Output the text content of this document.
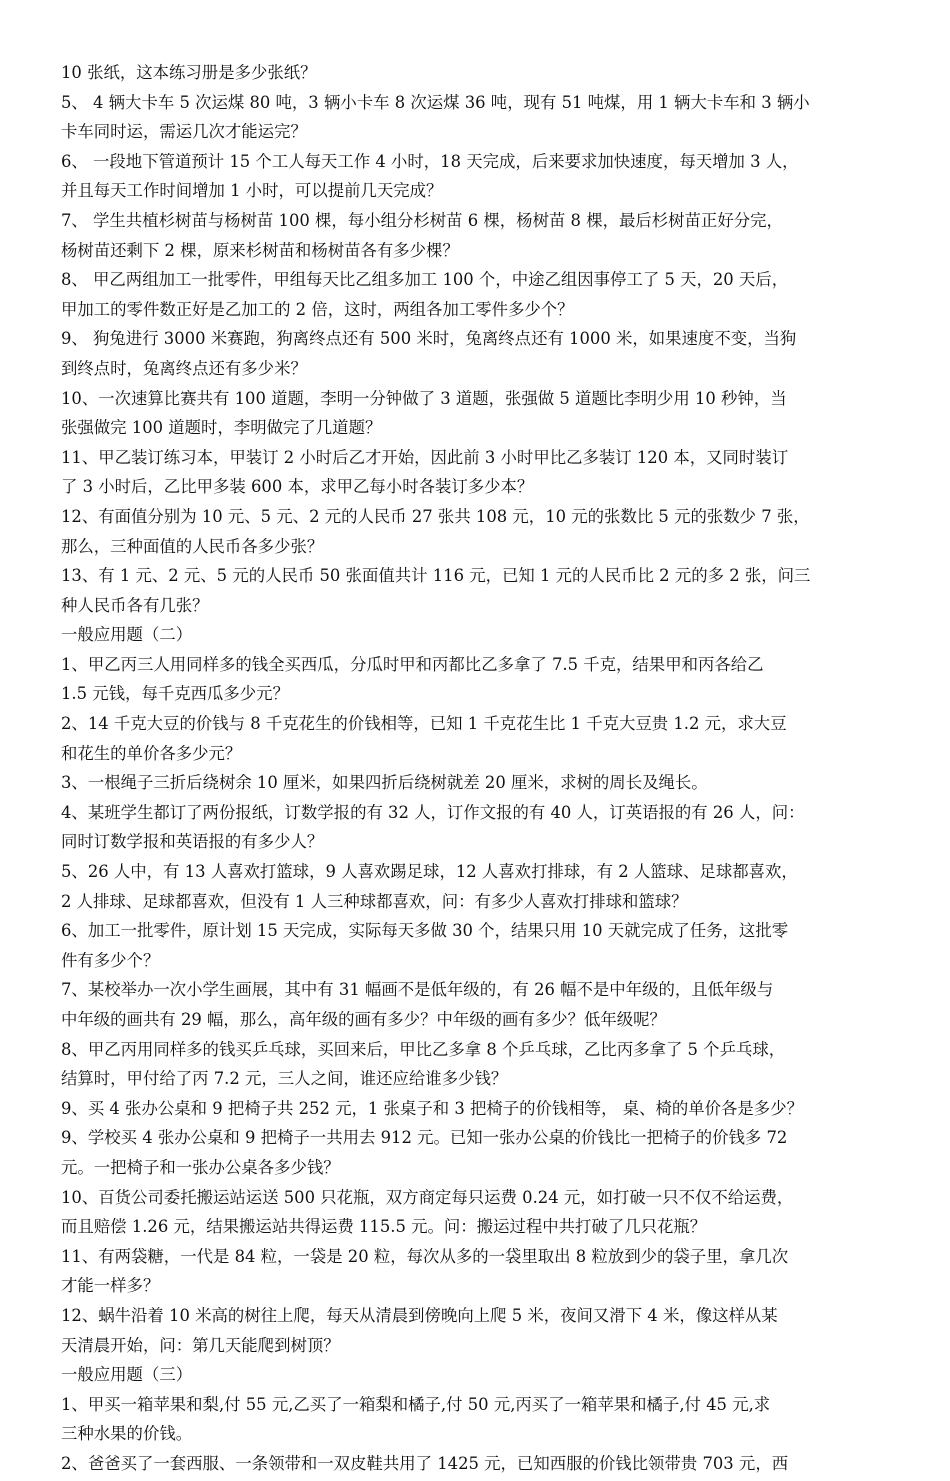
10 张纸，这本练习册是多少张纸？
5、 4 辆大卡车 5 次运煤 80 吨，3 辆小卡车 8 次运煤 36 吨，现有 51 吨煤，用 1 辆大卡车和 3 辆小
卡车同时运，需运几次才能运完？
6、 一段地下管道预计 15 个工人每天工作 4 小时，18 天完成，后来要求加快速度，每天增加 3 人，
并且每天工作时间增加 1 小时，可以提前几天完成？
7、 学生共植杉树苗与杨树苗 100 棵，每小组分杉树苗 6 棵，杨树苗 8 棵，最后杉树苗正好分完，
杨树苗还剩下 2 棵，原来杉树苗和杨树苗各有多少棵？
8、 甲乙两组加工一批零件，甲组每天比乙组多加工 100 个，中途乙组因事停工了 5 天，20 天后，
甲加工的零件数正好是乙加工的 2 倍，这时，两组各加工零件多少个？
9、 狗兔进行 3000 米赛跑，狗离终点还有 500 米时，兔离终点还有 1000 米，如果速度不变，当狗
到终点时，兔离终点还有多少米？
10、一次速算比赛共有 100 道题，李明一分钟做了 3 道题，张强做 5 道题比李明少用 10 秒钟，当
张强做完 100 道题时，李明做完了几道题？
11、甲乙装订练习本，甲装订 2 小时后乙才开始，因此前 3 小时甲比乙多装订 120 本，又同时装订
了 3 小时后，乙比甲多装 600 本，求甲乙每小时各装订多少本？
12、有面值分别为 10 元、5 元、2 元的人民币 27 张共 108 元，10 元的张数比 5 元的张数少 7 张，
那么，三种面值的人民币各多少张？
13、有 1 元、2 元、5 元的人民币 50 张面值共计 116 元，已知 1 元的人民币比 2 元的多 2 张，问三
种人民币各有几张？
一般应用题（二）
1、甲乙丙三人用同样多的钱全买西瓜，分瓜时甲和丙都比乙多拿了 7.5 千克，结果甲和丙各给乙
1.5 元钱，每千克西瓜多少元？
2、14 千克大豆的价钱与 8 千克花生的价钱相等，已知 1 千克花生比 1 千克大豆贵 1.2 元，求大豆
和花生的单价各多少元？
3、一根绳子三折后绕树余 10 厘米，如果四折后绕树就差 20 厘米，求树的周长及绳长。
4、某班学生都订了两份报纸，订数学报的有 32 人，订作文报的有 40 人，订英语报的有 26 人，问：
同时订数学报和英语报的有多少人？
5、26 人中，有 13 人喜欢打篮球，9 人喜欢踢足球，12 人喜欢打排球，有 2 人篮球、足球都喜欢，
2 人排球、足球都喜欢，但没有 1 人三种球都喜欢，问：有多少人喜欢打排球和篮球？
6、加工一批零件，原计划 15 天完成，实际每天多做 30 个，结果只用 10 天就完成了任务，这批零
件有多少个？
7、某校举办一次小学生画展，其中有 31 幅画不是低年级的，有 26 幅不是中年级的，且低年级与
中年级的画共有 29 幅，那么，高年级的画有多少？中年级的画有多少？低年级呢？
8、甲乙丙用同样多的钱买乒乓球，买回来后，甲比乙多拿 8 个乒乓球，乙比丙多拿了 5 个乒乓球，
结算时，甲付给了丙 7.2 元，三人之间，谁还应给谁多少钱？
9、买 4 张办公桌和 9 把椅子共 252 元，1 张桌子和 3 把椅子的价钱相等， 桌、椅的单价各是多少？
9、学校买 4 张办公桌和 9 把椅子一共用去 912 元。已知一张办公桌的价钱比一把椅子的价钱多 72
元。一把椅子和一张办公桌各多少钱？
10、百货公司委托搬运站运送 500 只花瓶，双方商定每只运费 0.24 元，如打破一只不仅不给运费，
而且赔偿 1.26 元，结果搬运站共得运费 115.5 元。问：搬运过程中共打破了几只花瓶？
11、有两袋糖，一代是 84 粒，一袋是 20 粒，每次从多的一袋里取出 8 粒放到少的袋子里，拿几次
才能一样多？
12、蜗牛沿着 10 米高的树往上爬，每天从清晨到傍晚向上爬 5 米，夜间又滑下 4 米，像这样从某
天清晨开始，问：第几天能爬到树顶？
一般应用题（三）
1、甲买一箱苹果和梨,付 55 元,乙买了一箱梨和橘子,付 50 元,丙买了一箱苹果和橘子,付 45 元,求
三种水果的价钱。
2、爸爸买了一套西服、一条领带和一双皮鞋共用了 1425 元，已知西服的价钱比领带贵 703 元，西
